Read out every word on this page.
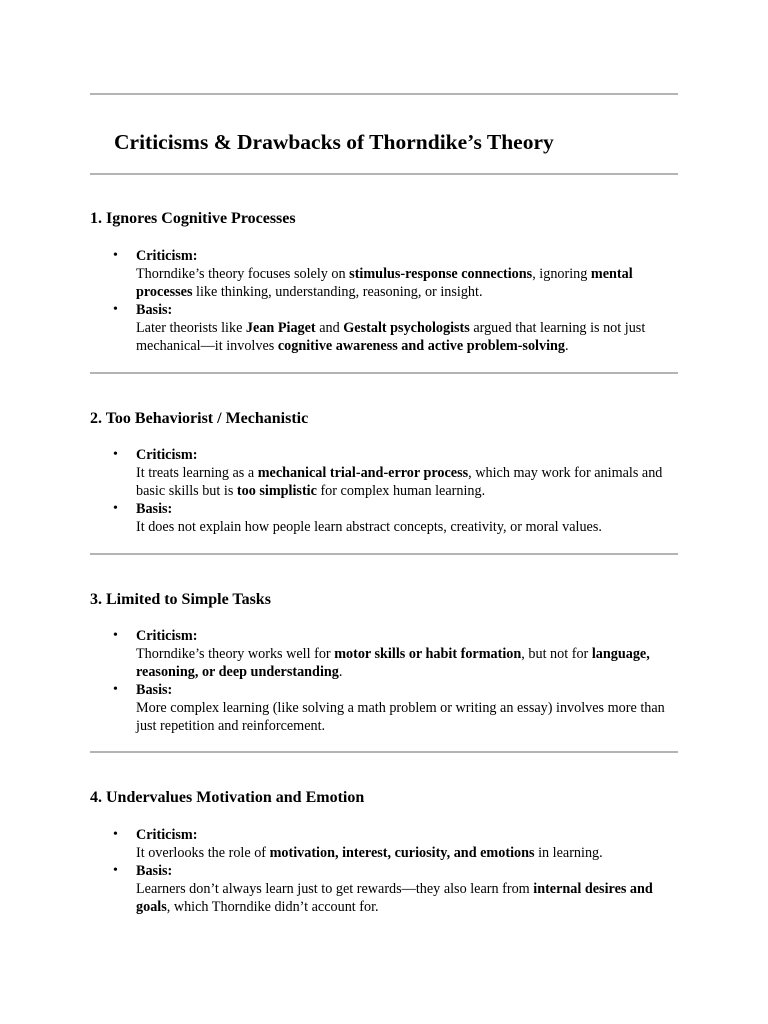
Criticisms & Drawbacks of Thorndike’s Theory
1. Ignores Cognitive Processes
• Criticism:
Thorndike’s theory focuses solely on stimulus-response connections, ignoring mental processes like thinking, understanding, reasoning, or insight.
• Basis:
Later theorists like Jean Piaget and Gestalt psychologists argued that learning is not just mechanical—it involves cognitive awareness and active problem-solving.
2. Too Behaviorist / Mechanistic
• Criticism:
It treats learning as a mechanical trial-and-error process, which may work for animals and basic skills but is too simplistic for complex human learning.
• Basis:
It does not explain how people learn abstract concepts, creativity, or moral values.
3. Limited to Simple Tasks
• Criticism:
Thorndike’s theory works well for motor skills or habit formation, but not for language, reasoning, or deep understanding.
• Basis:
More complex learning (like solving a math problem or writing an essay) involves more than just repetition and reinforcement.
4. Undervalues Motivation and Emotion
• Criticism:
It overlooks the role of motivation, interest, curiosity, and emotions in learning.
• Basis:
Learners don’t always learn just to get rewards—they also learn from internal desires and goals, which Thorndike didn’t account for.
